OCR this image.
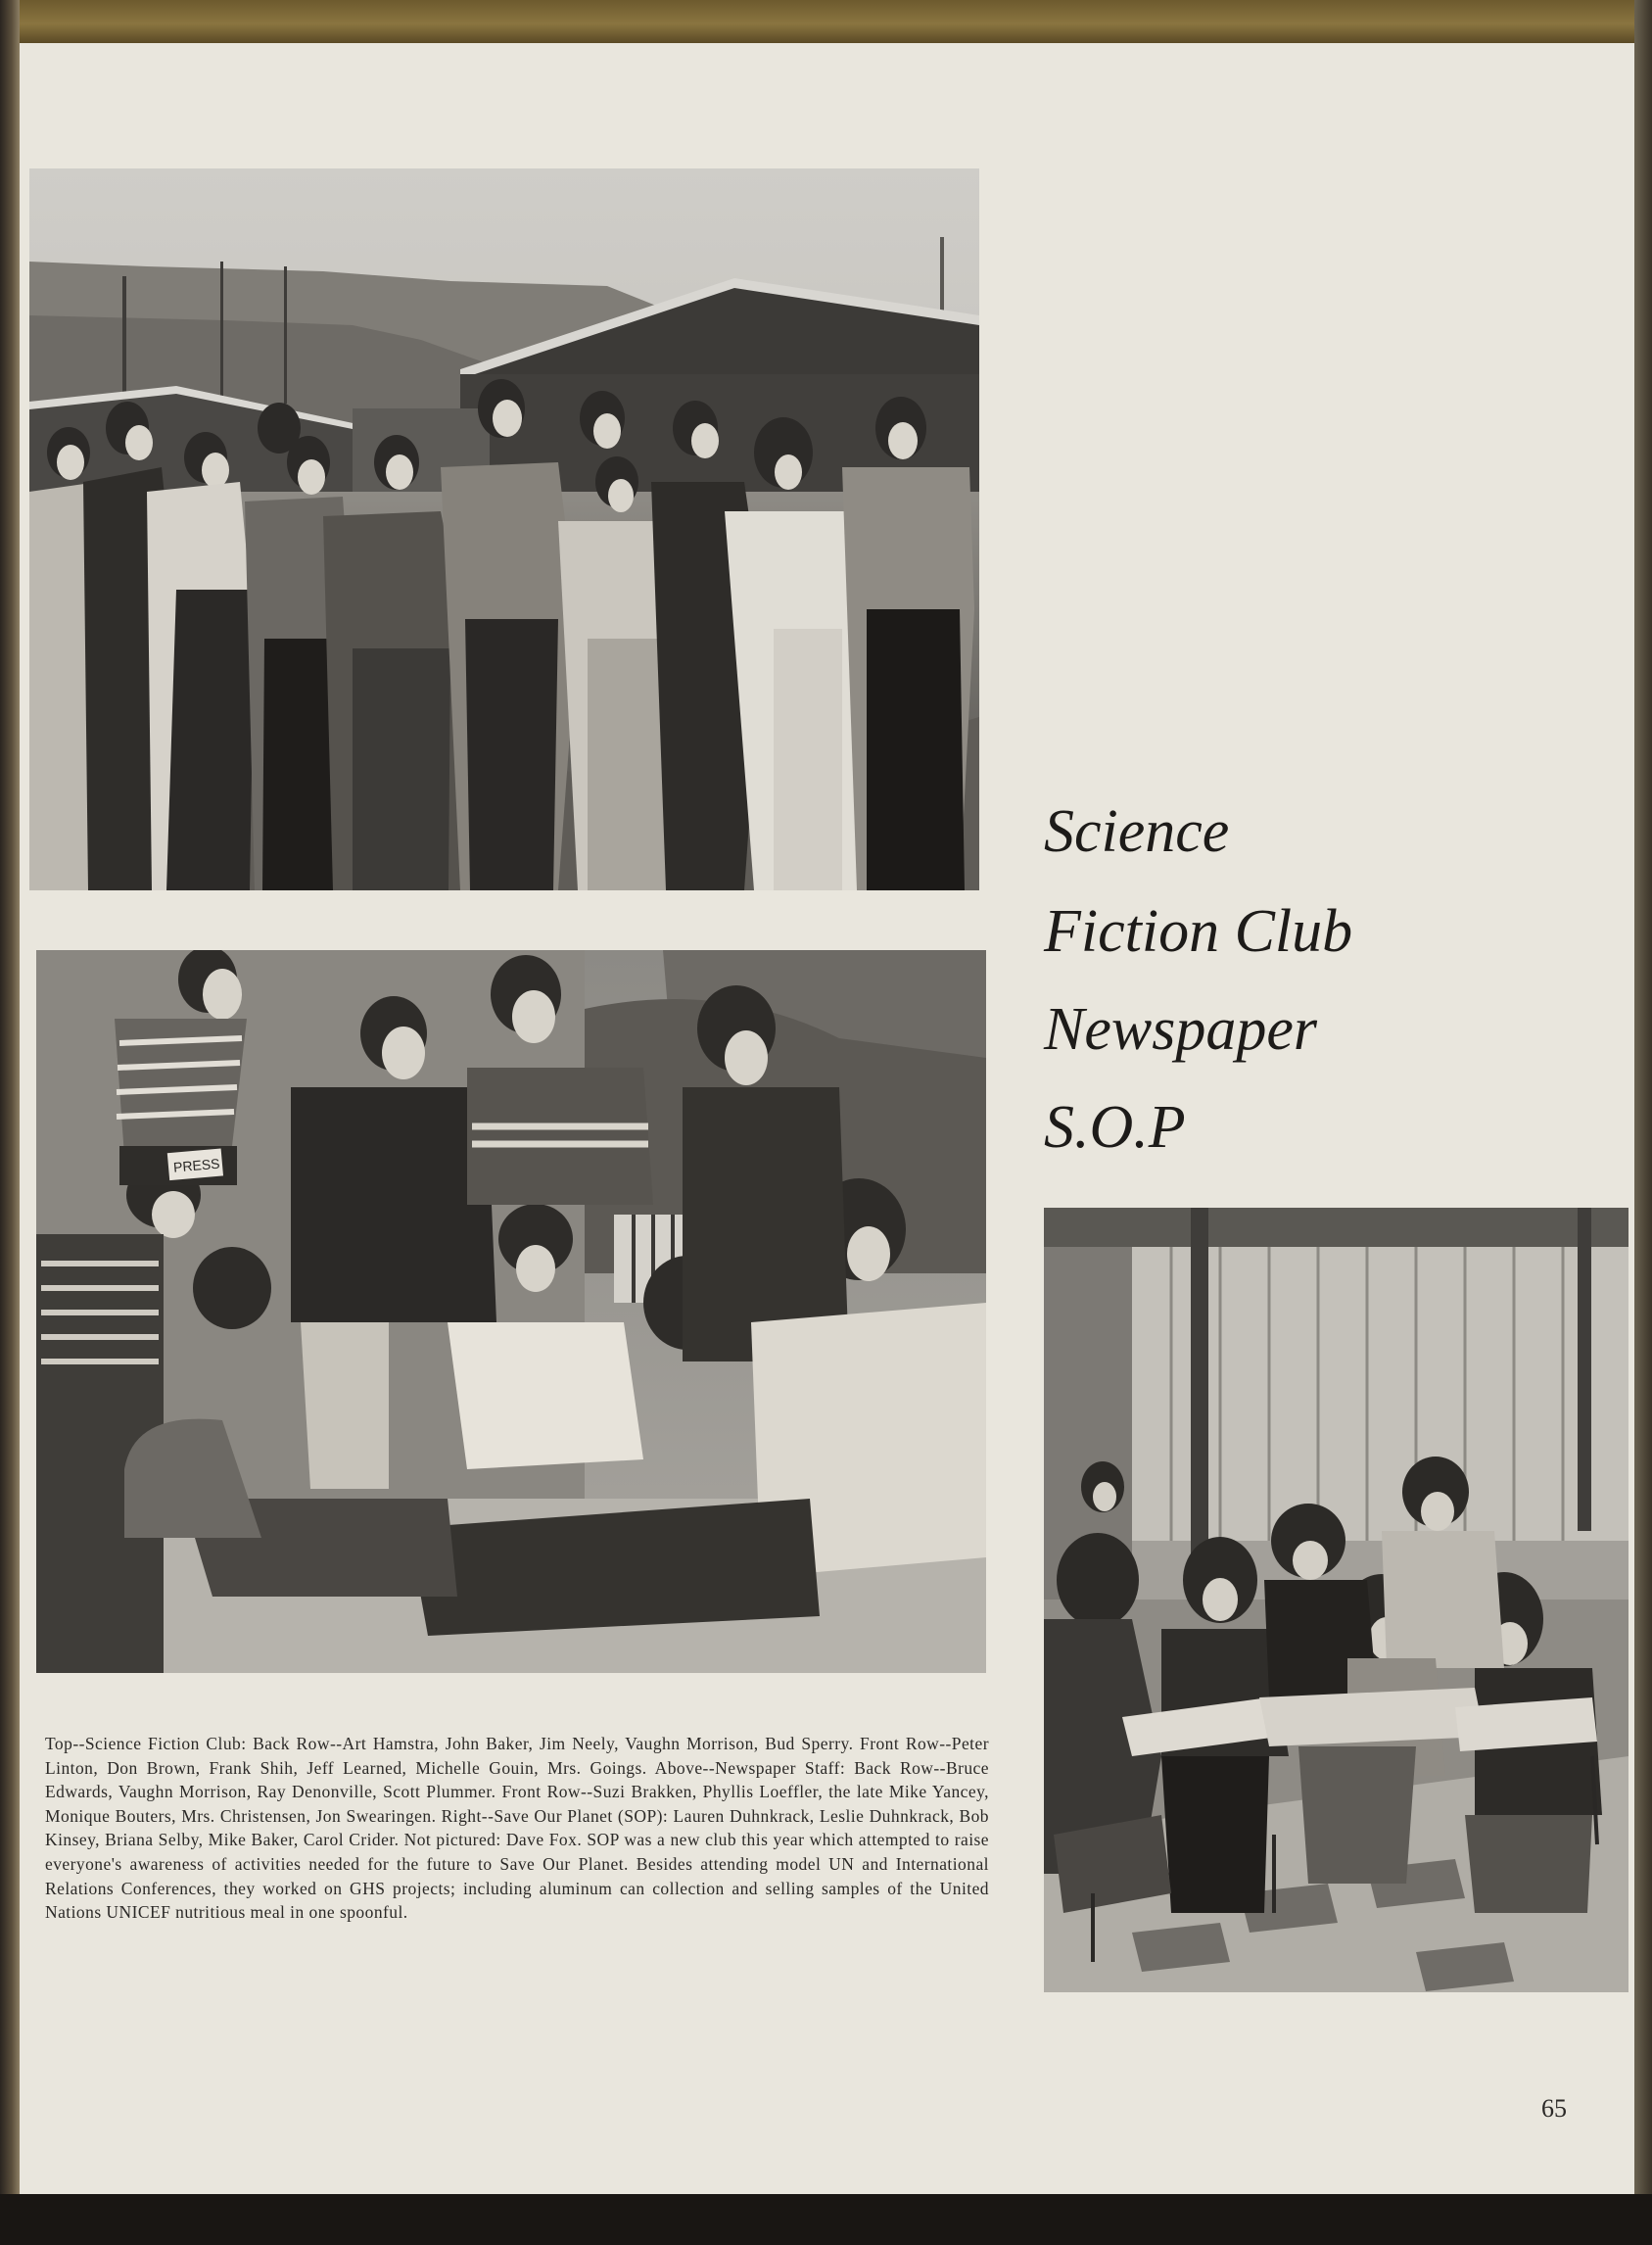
PRESS
Science
Fiction Club
Newspaper
S.O.P

Top--Science Fiction Club: Back Row--Art Hamstra, John Baker, Jim Neely, Vaughn Morrison, Bud Sperry. Front Row--Peter Linton, Don Brown, Frank Shih, Jeff Learned, Michelle Gouin, Mrs. Goings. Above--Newspaper Staff: Back Row--Bruce Edwards, Vaughn Morrison, Ray Denonville, Scott Plummer. Front Row--Suzi Brakken, Phyllis Loeffler, the late Mike Yancey, Monique Bouters, Mrs. Christensen, Jon Swearingen. Right--Save Our Planet (SOP): Lauren Duhnkrack, Leslie Duhnkrack, Bob Kinsey, Briana Selby, Mike Baker, Carol Crider. Not pictured: Dave Fox. SOP was a new club this year which attempted to raise everyone's awareness of activities needed for the future to Save Our Planet. Besides attending model UN and International Relations Conferences, they worked on GHS projects; including aluminum can collection and selling samples of the United Nations UNICEF nutritious meal in one spoonful.

65
